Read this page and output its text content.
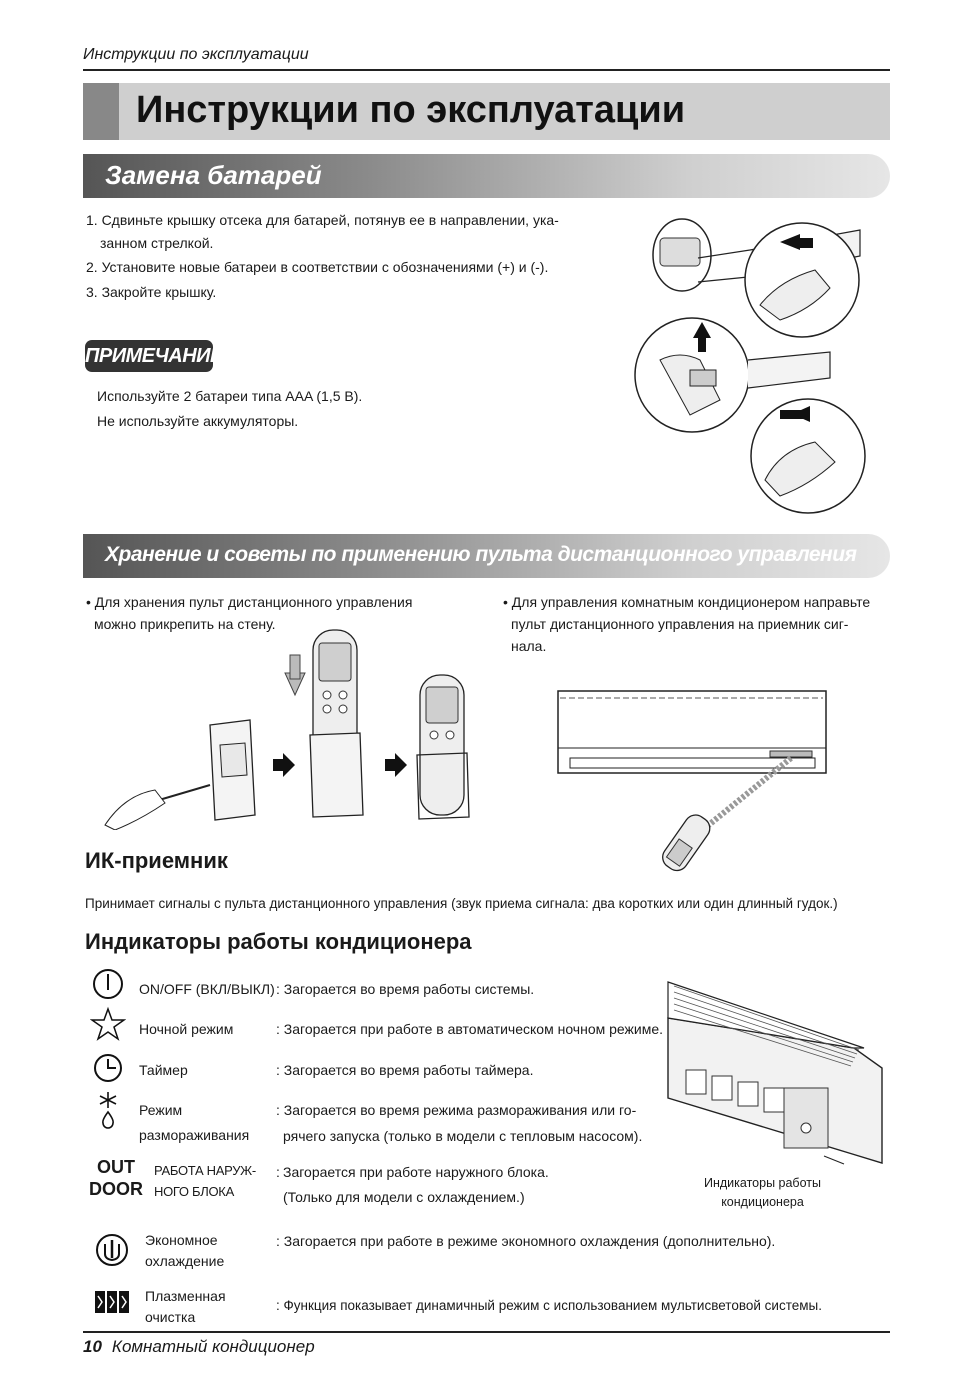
Инструкции по эксплуатации
Инструкции по эксплуатации
Замена батарей
1. Сдвиньте крышку отсека для батарей, потянув ее в направлении, ука-
занном стрелкой.
2. Установите новые батареи в соответствии с обозначениями (+) и (-).
3. Закройте крышку.
ПРИМЕЧАНИЕ
Используйте 2 батареи типа AAA (1,5 В).
Не используйте аккумуляторы.
Хранение и советы по применению пульта дистанционного управления
• Для хранения пульт дистанционного управления
можно прикрепить на стену.
• Для управления комнатным кондиционером направьте
пульт дистанционного управления на приемник сиг-
нала.
ИК-приемник
Принимает сигналы с пульта дистанционного управления (звук приема сигнала: два коротких или один длинный гудок.)
Индикаторы работы кондиционера
ON/OFF (ВКЛ/ВЫКЛ) : Загорается во время работы системы.
Ночной режим	: Загорается при работе в автоматическом ночном режиме.
Таймер	: Загорается во время работы таймера.
Режим
размораживания
: Загорается во время режима размораживания или го-
рячего запуска (только в модели с тепловым насосом).
OUT
DOOR
РАБОТА НАРУЖ-
НОГО БЛОКА
: Загорается при работе наружного блока.
(Только для модели с охлаждением.)
Экономное
охлаждение
: Загорается при работе в режиме экономного охлаждения (дополнительно).
Плазменная
очистка
: Функция показывает динамичный режим с использованием мультисветовой системы.
Индикаторы работы
кондиционера
10 Комнатный кондиционер
